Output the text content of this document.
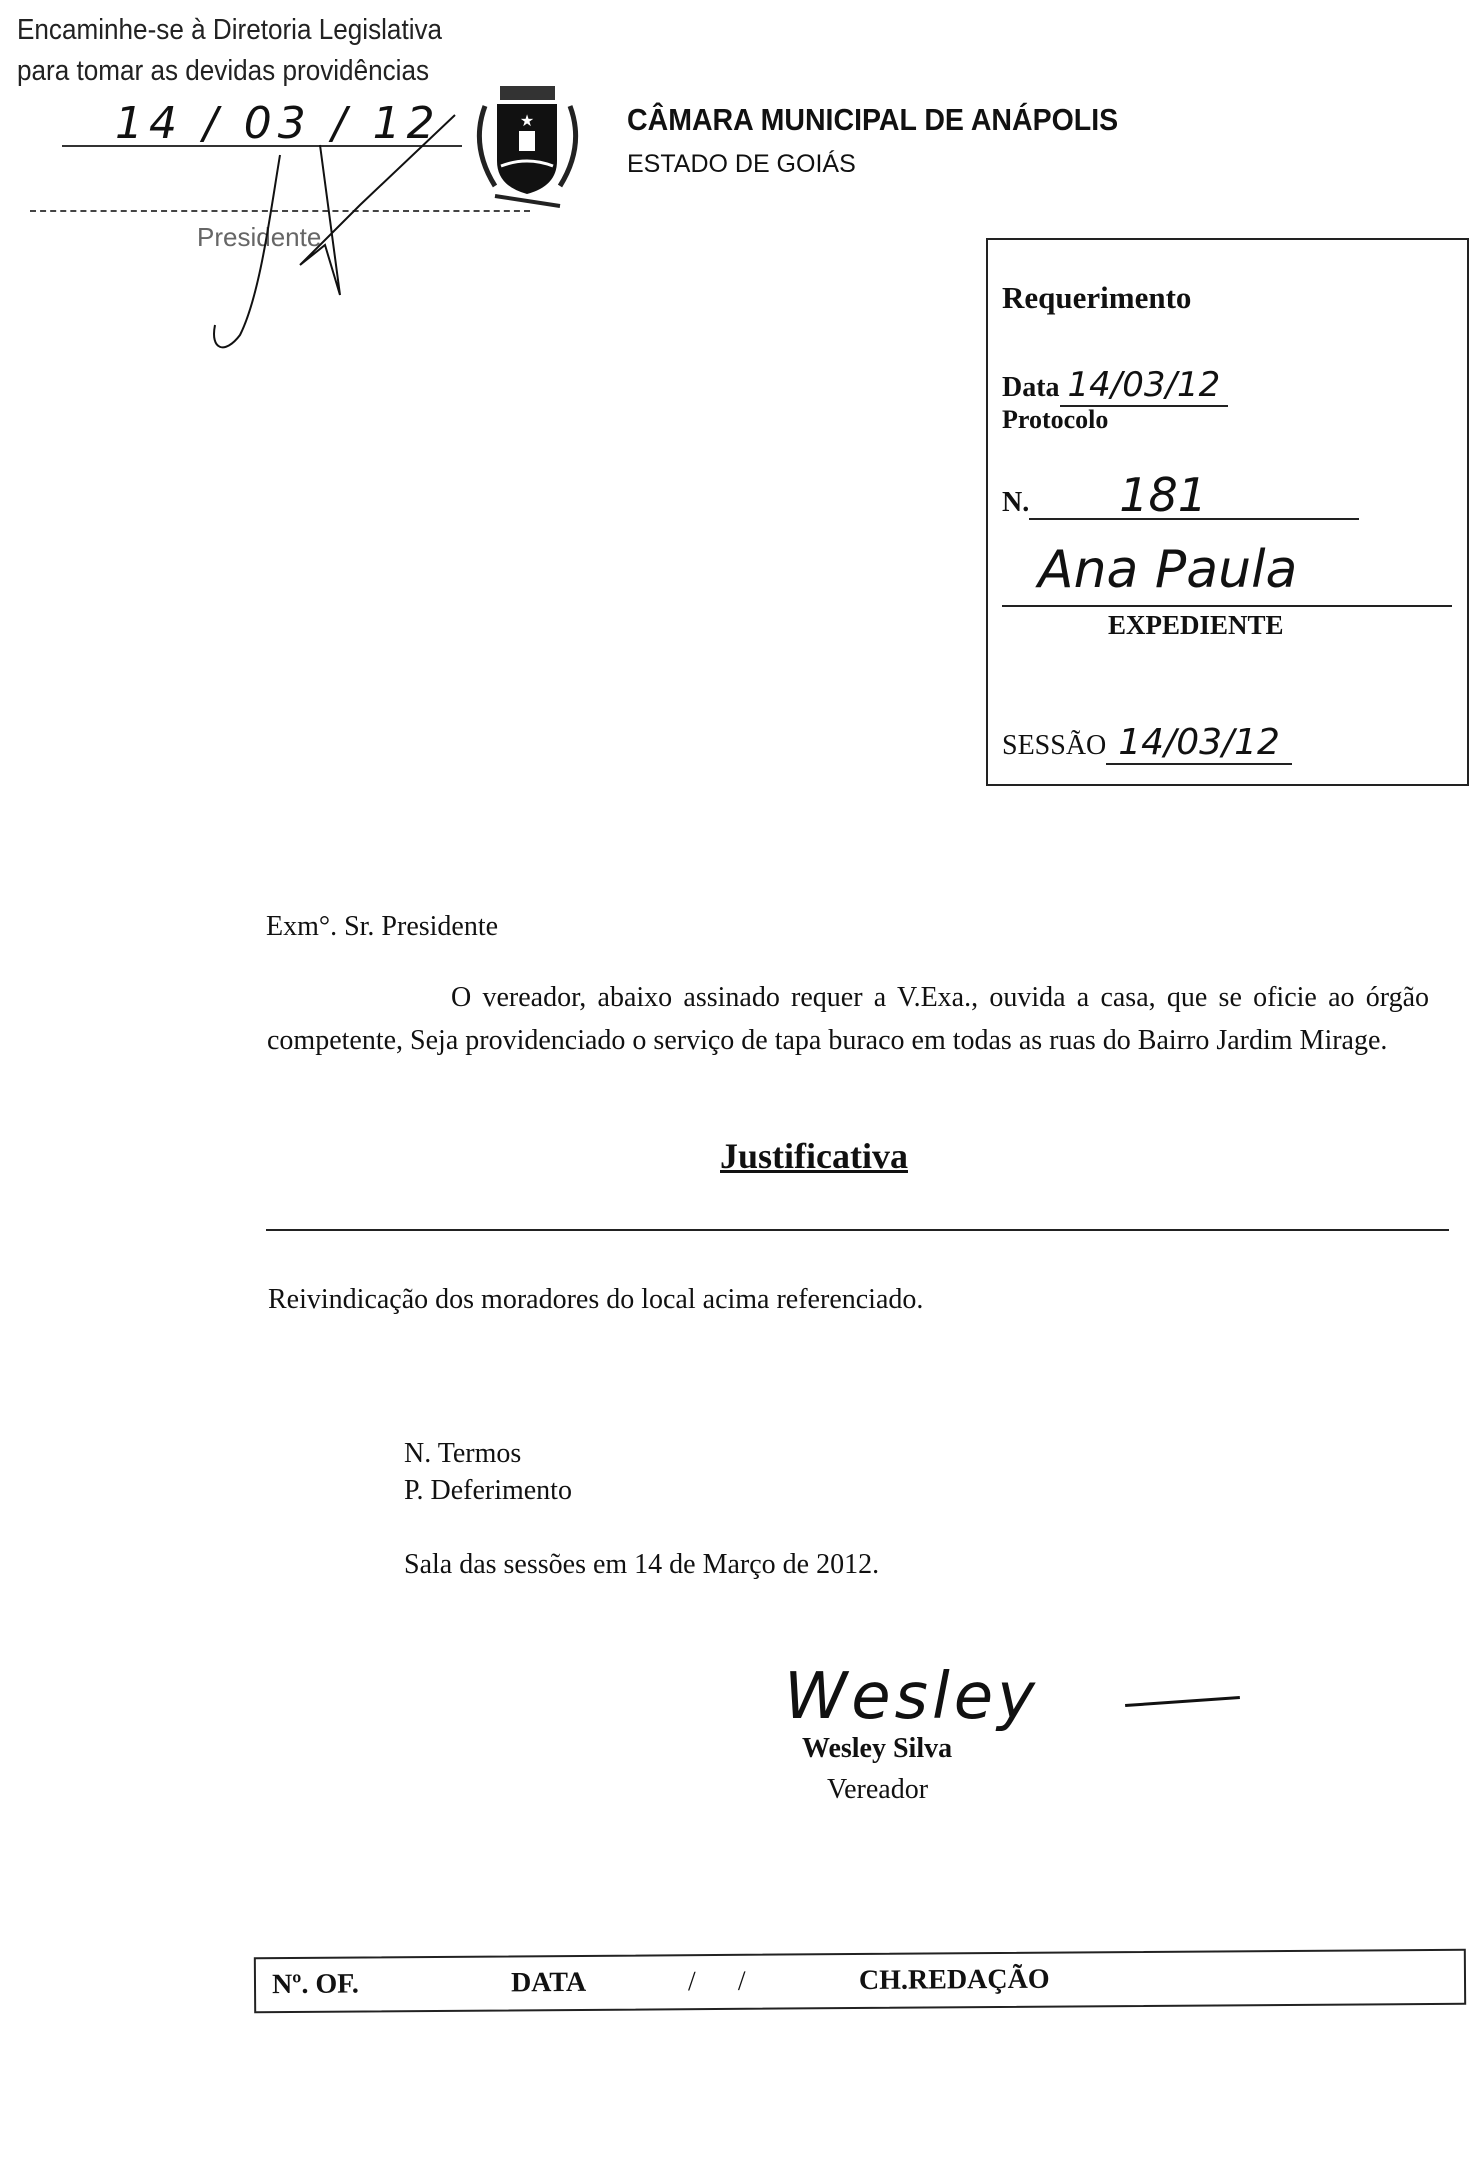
Encaminhe-se à Diretoria Legislativa
para tomar as devidas providências
14 / 03 / 12
Presidente
★	CÂMARA MUNICIPAL DE ANÁPOLIS
ESTADO DE GOIÁS
Requerimento
Data 14/03/12
Protocolo
N. 181
Ana Paula
EXPEDIENTE
SESSÃO 14/03/12
Exm°. Sr. Presidente
O vereador, abaixo assinado requer a V.Exa., ouvida a casa, que se oficie ao órgão competente, Seja providenciado o serviço de tapa buraco em todas as ruas do Bairro Jardim Mirage.
Justificativa
Reivindicação dos moradores do local acima referenciado.
N. Termos
P. Deferimento
Sala das sessões em 14 de Março de 2012.
Wesley
Wesley Silva
Vereador
Nº. OF.	DATA	/      /	CH.REDAÇÃO
